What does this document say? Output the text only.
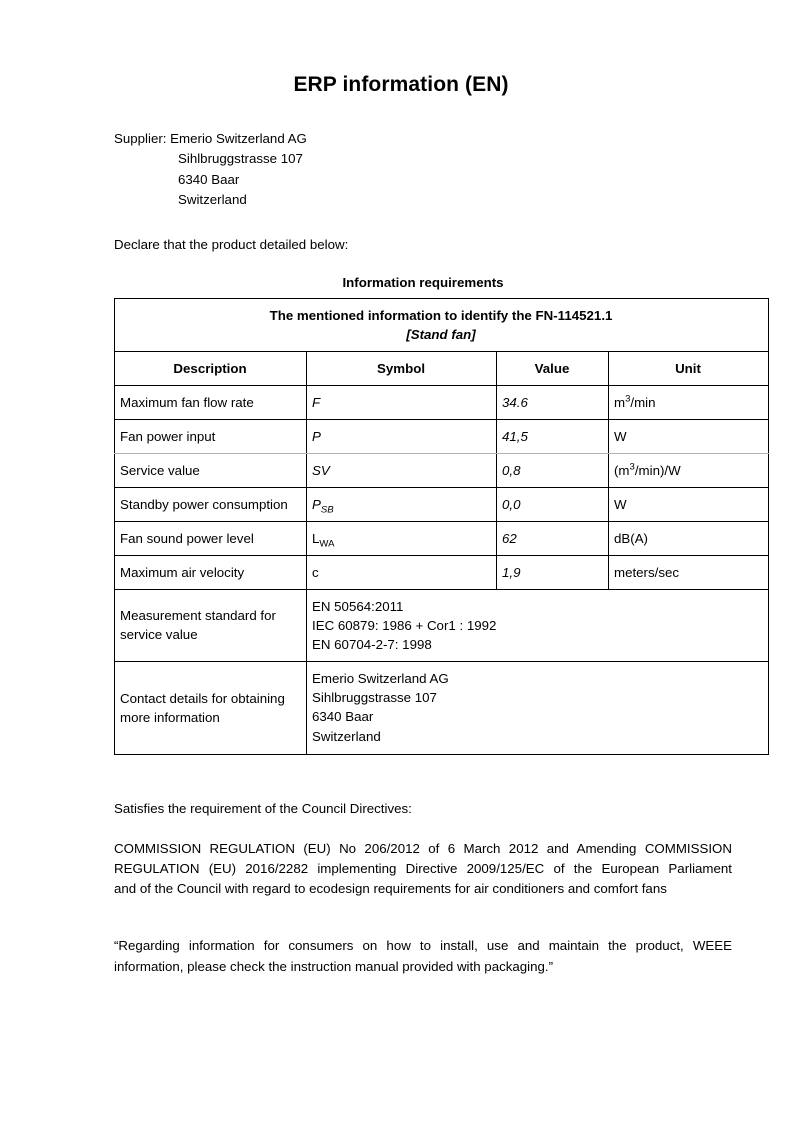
ERP information (EN)
Supplier: Emerio Switzerland AG
Sihlbruggstrasse 107
6340 Baar
Switzerland
Declare that the product detailed below:
Information requirements
The mentioned information to identify the FN-114521.1
[Stand fan]			

Description	Symbol	Value	Unit
Maximum fan flow rate	F	34.6	$m^3/\min$
Fan power input	P	41,5	W
Service value	SV	0,8	$(m^3/\min)/W$
Standby power consumption	$P_{SB}$	0,0	W
Fan sound power level	$L_{WA}$	62	dB(A)
Maximum air velocity	c	1,9	meters/sec
Measurement standard for service value	EN 50564:2011
IEC 60879: 1986 + Cor1 : 1992
EN 60704-2-7: 1998		

Contact details for obtaining more information	Emerio Switzerland AG
Sihlbruggstrasse 107
6340 Baar
Switzerland		
Satisfies the requirement of the Council Directives:
COMMISSION REGULATION (EU) No 206/2012 of 6 March 2012 and Amending COMMISSION
REGULATION (EU) 2016/2282 implementing Directive 2009/125/EC of the European Parliament
and of the Council with regard to ecodesign requirements for air conditioners and comfort fans
“Regarding information for consumers on how to install, use and maintain the product, WEEE
information, please check the instruction manual provided with packaging.”
